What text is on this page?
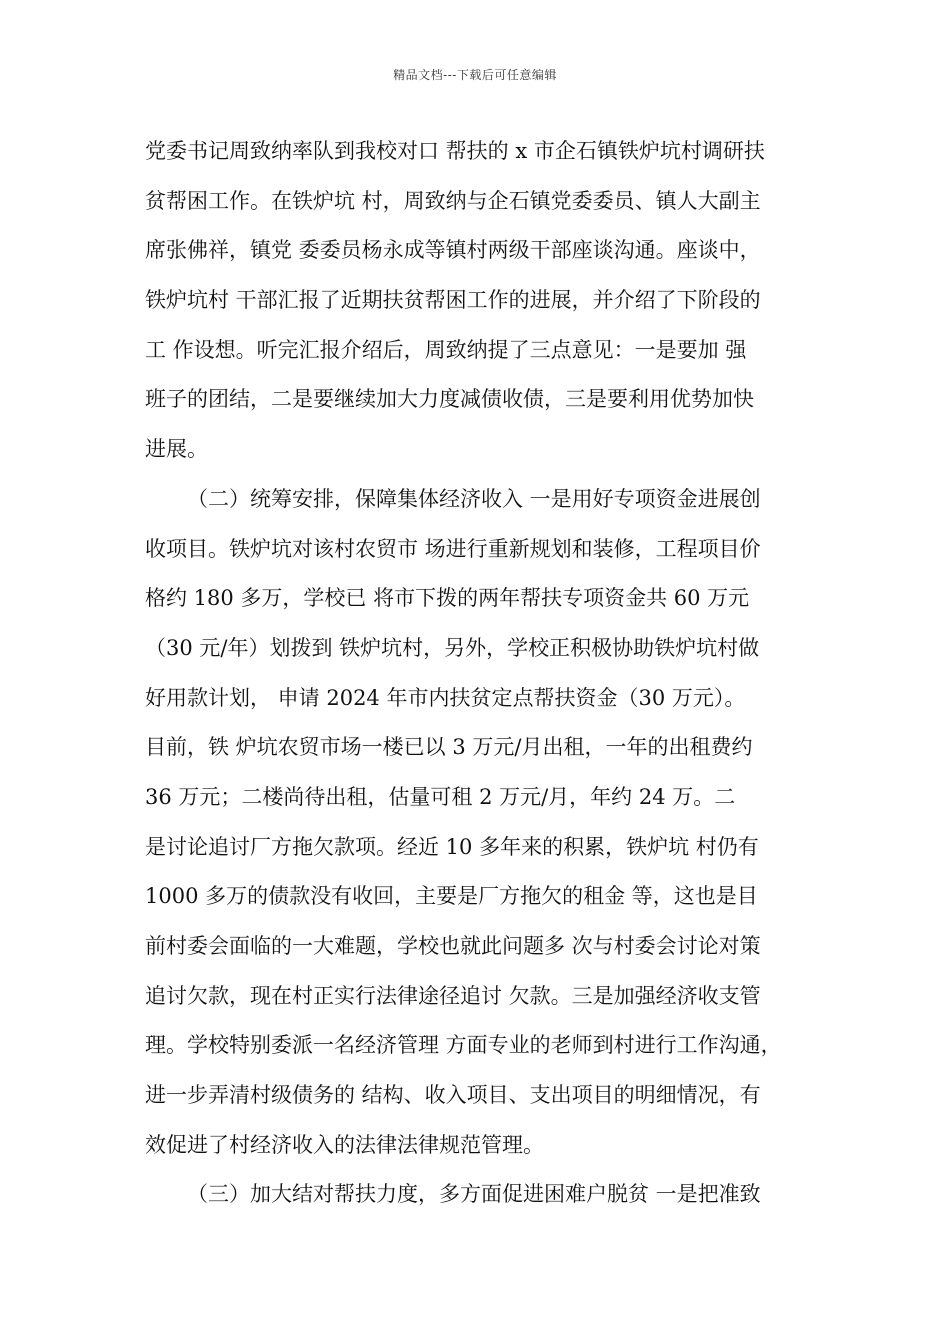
精品文档---下载后可任意编辑
党委书记周致纳率队到我校对口 帮扶的 x 市企石镇铁炉坑村调研扶
贫帮困工作。在铁炉坑 村，周致纳与企石镇党委委员、镇人大副主
席张佛祥，镇党 委委员杨永成等镇村两级干部座谈沟通。座谈中，
铁炉坑村 干部汇报了近期扶贫帮困工作的进展，并介绍了下阶段的
工 作设想。听完汇报介绍后，周致纳提了三点意见：一是要加 强
班子的团结，二是要继续加大力度减债收债，三是要利用优势加快
进展。
（二）统筹安排，保障集体经济收入 一是用好专项资金进展创
收项目。铁炉坑对该村农贸市 场进行重新规划和装修，工程项目价
格约 180 多万，学校已 将市下拨的两年帮扶专项资金共 60 万元
（30 元/年）划拨到 铁炉坑村，另外，学校正积极协助铁炉坑村做
好用款计划， 申请 2024 年市内扶贫定点帮扶资金（30 万元）。
目前，铁 炉坑农贸市场一楼已以 3 万元/月出租，一年的出租费约
36 万元；二楼尚待出租，估量可租 2 万元/月，年约 24 万。二
是讨论追讨厂方拖欠款项。经近 10 多年来的积累，铁炉坑 村仍有
1000 多万的债款没有收回，主要是厂方拖欠的租金 等，这也是目
前村委会面临的一大难题，学校也就此问题多 次与村委会讨论对策
追讨欠款，现在村正实行法律途径追讨 欠款。三是加强经济收支管
理。学校特别委派一名经济管理 方面专业的老师到村进行工作沟通，
进一步弄清村级债务的 结构、收入项目、支出项目的明细情况，有
效促进了村经济收入的法律法律规范管理。
（三）加大结对帮扶力度，多方面促进困难户脱贫 一是把准致
